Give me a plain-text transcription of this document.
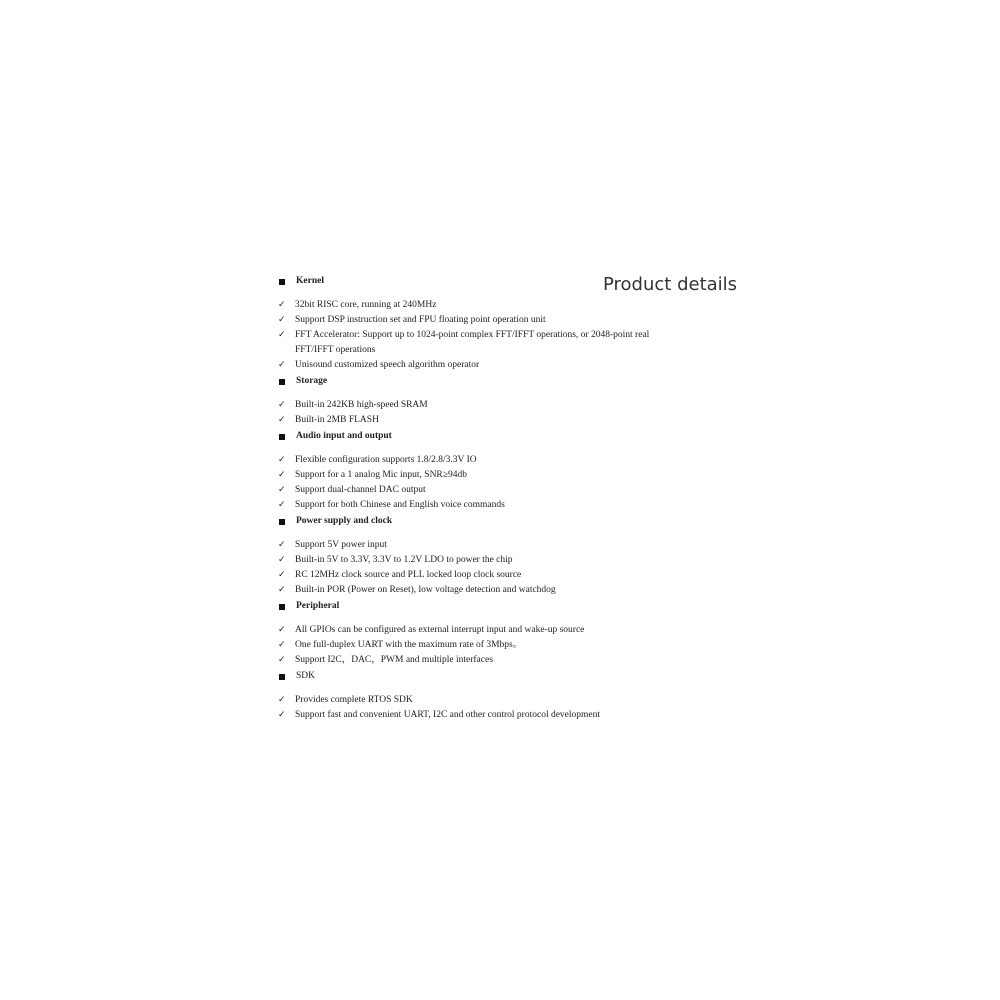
Product details
Kernel
✓ 32bit RISC core, running at 240MHz
✓ Support DSP instruction set and FPU floating point operation unit
✓ FFT Accelerator: Support up to 1024-point complex FFT/IFFT operations, or 2048-point real FFT/IFFT operations
✓ Unisound customized speech algorithm operator
Storage
✓ Built-in 242KB high-speed SRAM
✓ Built-in 2MB FLASH
Audio input and output
✓ Flexible configuration supports 1.8/2.8/3.3V IO
✓ Support for a 1 analog Mic input, SNR≥94db
✓ Support dual-channel DAC output
✓ Support for both Chinese and English voice commands
Power supply and clock
✓ Support 5V power input
✓ Built-in 5V to 3.3V, 3.3V to 1.2V LDO to power the chip
✓ RC 12MHz clock source and PLL locked loop clock source
✓ Built-in POR (Power on Reset), low voltage detection and watchdog
Peripheral
✓ All GPIOs can be configured as external interrupt input and wake-up source
✓ One full-duplex UART with the maximum rate of 3Mbps。
✓ Support I2C，DAC，PWM and multiple interfaces
SDK
✓ Provides complete RTOS SDK
✓ Support fast and convenient UART, I2C and other control protocol development
